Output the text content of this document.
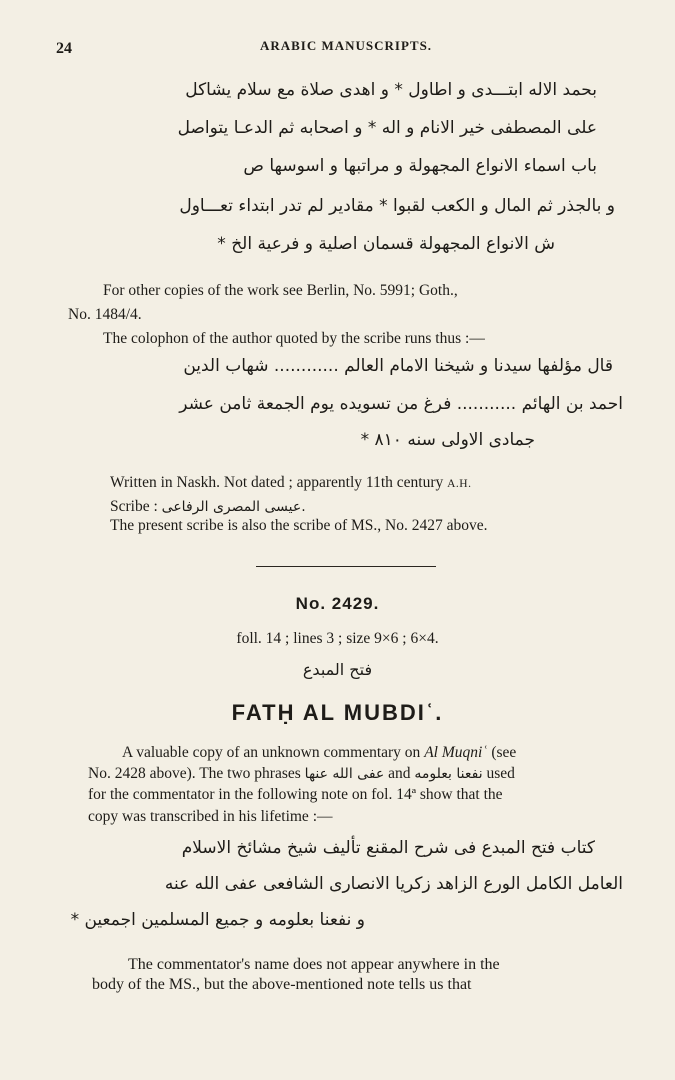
24	ARABIC MANUSCRIPTS.
بحمد الاله ابتـــدى و اطاول * و اهدى صلاة مع سلام يشاكل
على المصطفى خير الانام و اله * و اصحابه ثم الدعـا يتواصل
باب اسماء الانواع المجهولة و مراتبها و اسوسها ص
و بالجذر ثم المال و الكعب لقبوا * مقادير لم تدر ابتداء تعـــاول
ش الانواع المجهولة قسمان اصلية و فرعية الخ *
For other copies of the work see Berlin, No. 5991; Goth.,
No. 1484/4.
The colophon of the author quoted by the scribe runs thus :—
قال مؤلفها سيدنا و شيخنا الامام العالم ............ شهاب الدين
احمد بن الهائم ........... فرغ من تسويده يوم الجمعة ثامن عشر
جمادى الاولى سنه ٨١٠ *
Written in Naskh. Not dated ; apparently 11th century A.H.
Scribe : عيسى المصرى الرفاعى.
The present scribe is also the scribe of MS., No. 2427 above.
No. 2429.
foll. 14 ; lines 3 ; size 9×6 ; 6×4.
فتح المبدع
FATḤ AL MUBDIʿ.
A valuable copy of an unknown commentary on Al Muqniʿ (see
No. 2428 above). The two phrases عفى الله عنها and نفعنا بعلومه used
for the commentator in the following note on fol. 14ª show that the
copy was transcribed in his lifetime :—
كتاب فتح المبدع فى شرح المقنع تأليف شيخ مشائخ الاسلام
العامل الكامل الورع الزاهد زكريا الانصارى الشافعى عفى الله عنه
و نفعنا بعلومه و جميع المسلمين اجمعين *
The commentator's name does not appear anywhere in the
body of the MS., but the above-mentioned note tells us that
